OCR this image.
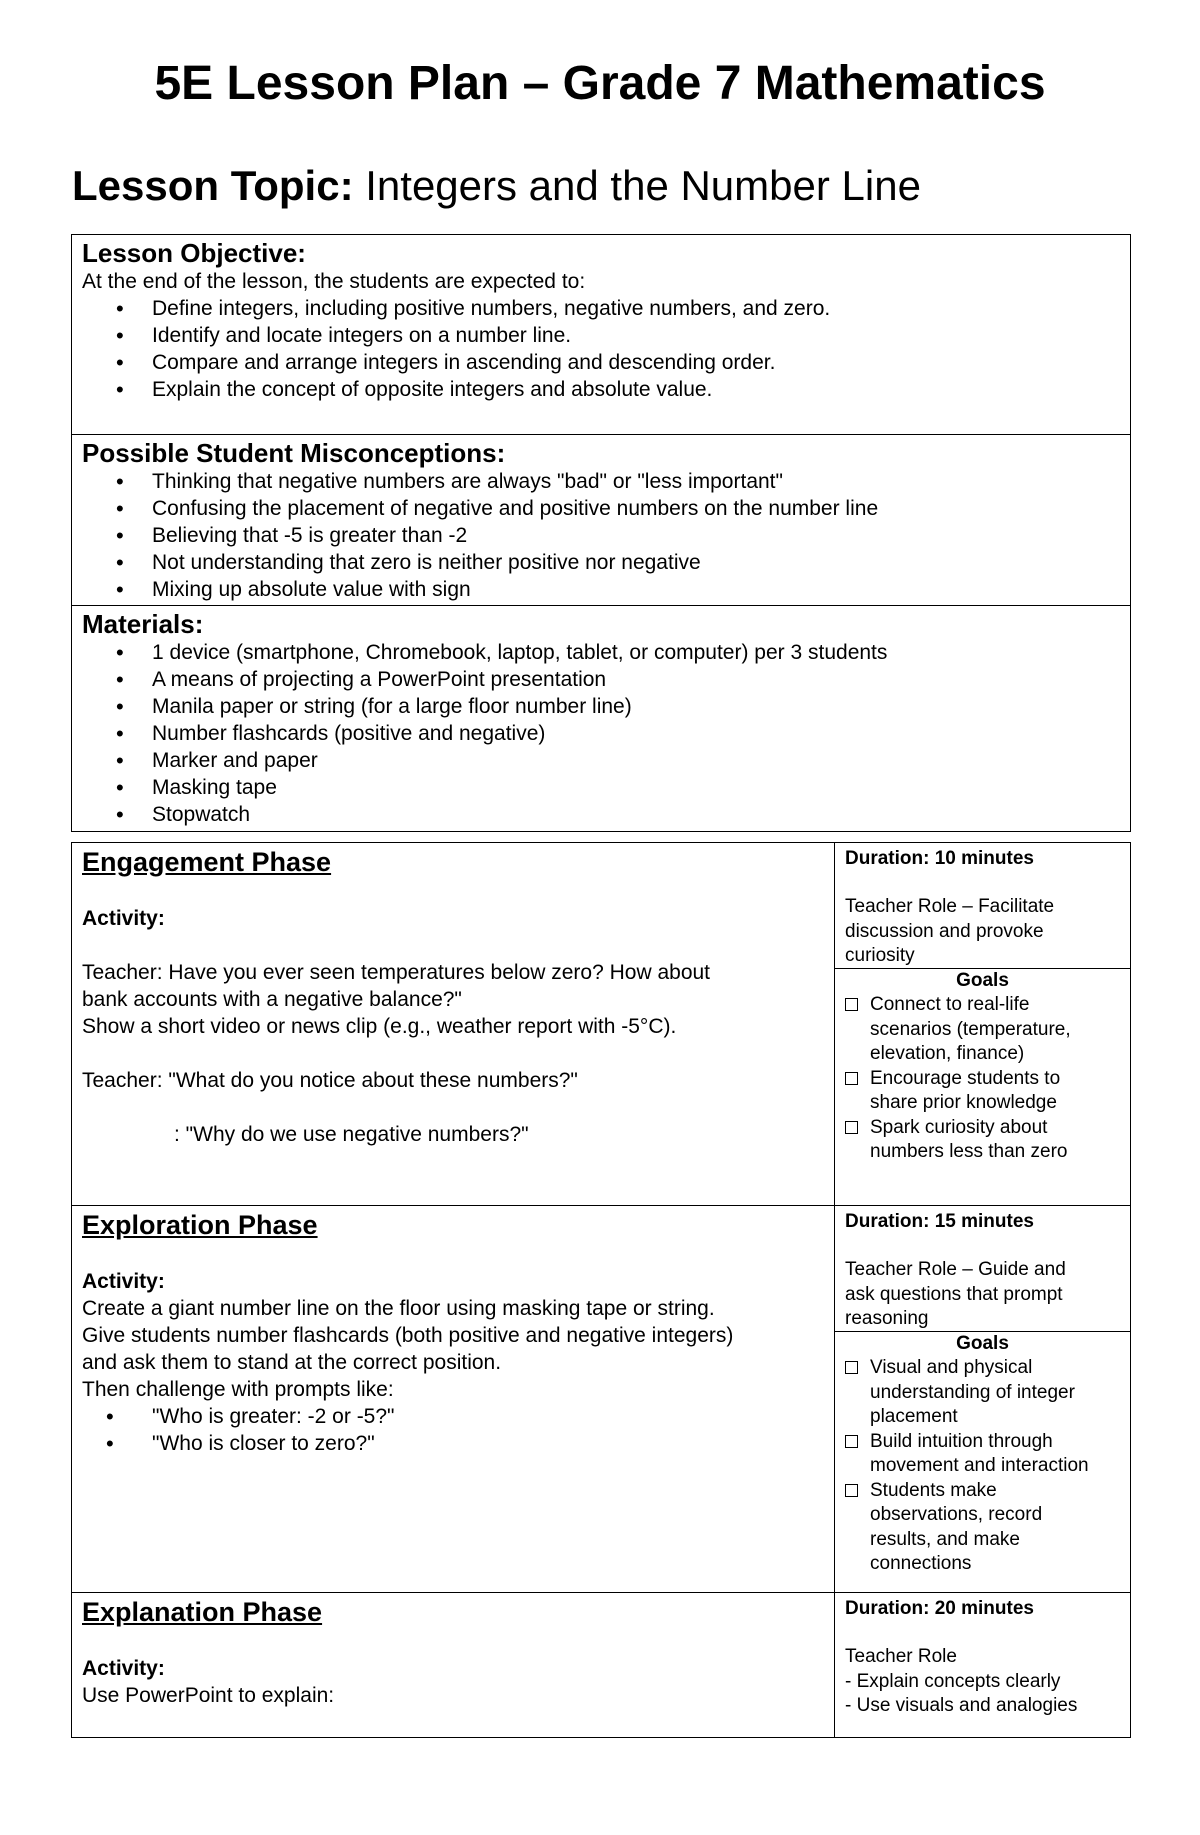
5E Lesson Plan – Grade 7 Mathematics
Lesson Topic: Integers and the Number Line
Lesson Objective:

At the end of the lesson, the students are expected to:

• Define integers, including positive numbers, negative numbers, and zero.
• Identify and locate integers on a number line.
• Compare and arrange integers in ascending and descending order.
• Explain the concept of opposite integers and absolute value.
Possible Student Misconceptions:
• Thinking that negative numbers are always "bad" or "less important"
• Confusing the placement of negative and positive numbers on the number line
• Believing that -5 is greater than -2
• Not understanding that zero is neither positive nor negative
• Mixing up absolute value with sign
Materials:
• 1 device (smartphone, Chromebook, laptop, tablet, or computer) per 3 students
• A means of projecting a PowerPoint presentation
• Manila paper or string (for a large floor number line)
• Number flashcards (positive and negative)
• Marker and paper
• Masking tape
• Stopwatch
Engagement Phase
Activity:
Teacher: Have you ever seen temperatures below zero? How about
bank accounts with a negative balance?"
Show a short video or news clip (e.g., weather report with -5°C).
Teacher: "What do you notice about these numbers?"
: "Why do we use negative numbers?"
Duration: 10 minutes
Teacher Role – Facilitate
discussion and provoke
curiosity
Goals
Connect to real-life
scenarios (temperature,
elevation, finance)
Encourage students to
share prior knowledge
Spark curiosity about
numbers less than zero
Exploration Phase
Activity:
Create a giant number line on the floor using masking tape or string.
Give students number flashcards (both positive and negative integers)
and ask them to stand at the correct position.
Then challenge with prompts like:
• "Who is greater: -2 or -5?"
• "Who is closer to zero?"
Duration: 15 minutes
Teacher Role – Guide and
ask questions that prompt
reasoning
Goals
Visual and physical
understanding of integer
placement
Build intuition through
movement and interaction
Students make
observations, record
results, and make
connections
Explanation Phase
Activity:
Use PowerPoint to explain:
Duration: 20 minutes
Teacher Role
- Explain concepts clearly
- Use visuals and analogies
